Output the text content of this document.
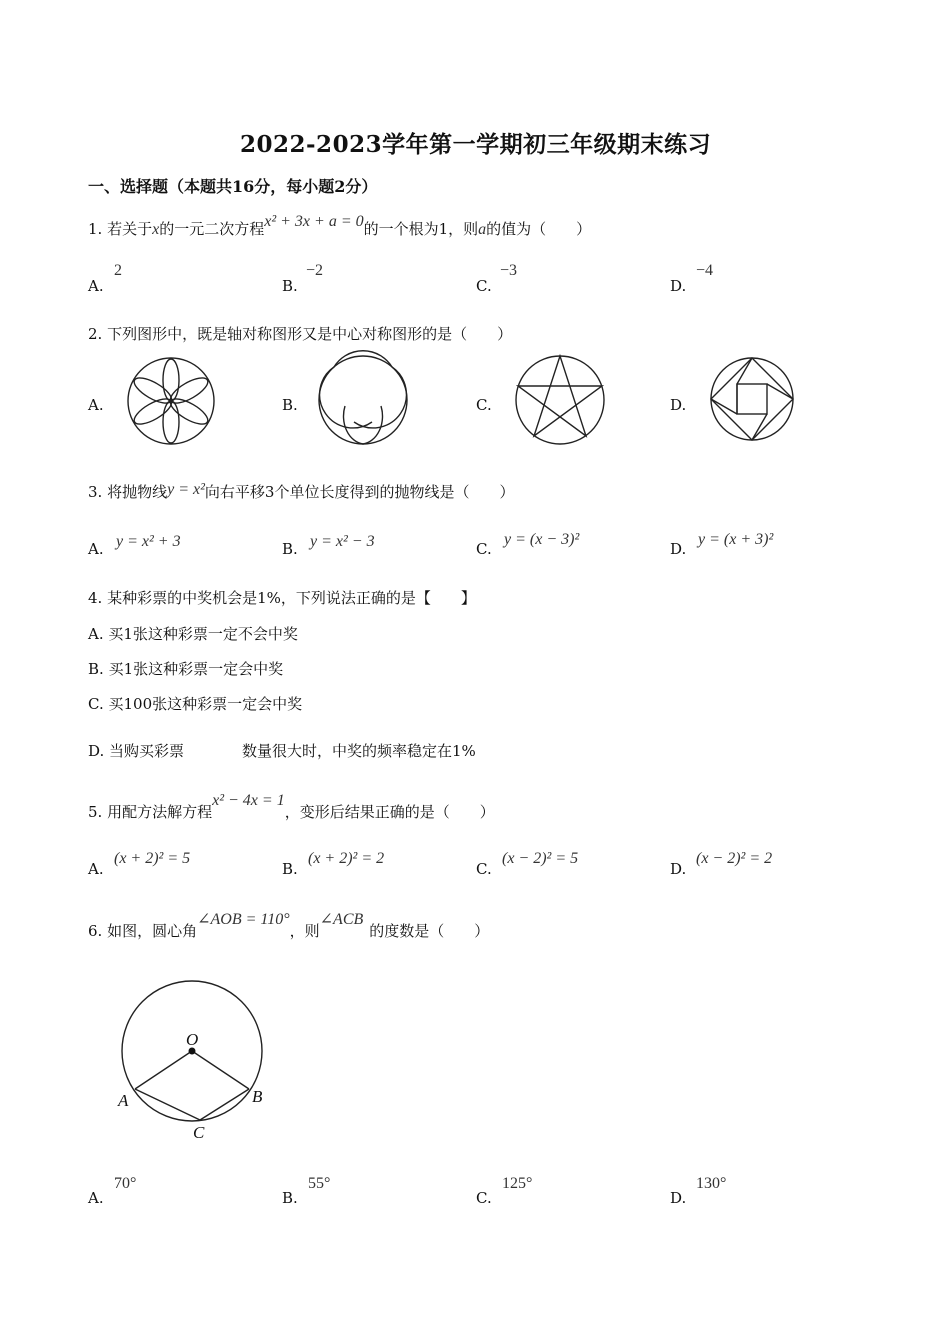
2022-2023学年第一学期初三年级期末练习
一、选择题（本题共16分，每小题2分）
1. 若关于x的一元二次方程x² + 3x + a = 0的一个根为1，则a的值为（　　）
A.
2
B.
−2
C.
−3
D.
−4
2. 下列图形中，既是轴对称图形又是中心对称图形的是（　　）
A.	B.	C.	D.
3. 将抛物线y = x²向右平移3个单位长度得到的抛物线是（　　）
A. y = x² + 3	B. y = x² − 3	C.
y = (x − 3)²
D.
y = (x + 3)²
4. 某种彩票的中奖机会是1%，下列说法正确的是【　　】
A. 买1张这种彩票一定不会中奖
B. 买1张这种彩票一定会中奖
C. 买100张这种彩票一定会中奖
D. 当购买彩票	数量很大时，中奖的频率稳定在1%
5. 用配方法解方程x² − 4x = 1，变形后结果正确的是（　　）
A.
(x + 2)² = 5
B.
(x + 2)² = 2
C.
(x − 2)² = 5
D.
(x − 2)² = 2
6. 如图，圆心角∠AOB = 110°，则∠ACB的度数是（　　）
O
A	B
C
A.
70°
B.
55°
C.
125°
D.
130°
